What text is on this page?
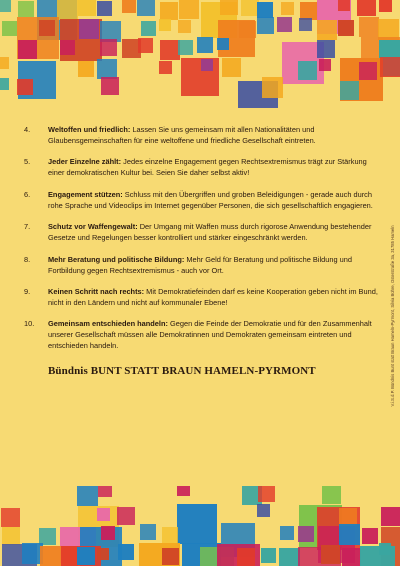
4.	Weltoffen und friedlich: Lassen Sie uns gemeinsam mit allen Nationalitäten und Glaubensgemeinschaften für eine weltoffene und friedliche Gesellschaft eintreten.
5.	Jeder Einzelne zählt: Jedes einzelne Engagement gegen Rechtsextremismus trägt zur Stärkung einer demokratischen Kultur bei. Seien Sie daher selbst aktiv!
6.	Engagement stützen: Schluss mit den Übergriffen und groben Beleidigungen - gerade auch durch rohe Sprache und Videoclips im Internet gegenüber Personen, die sich gesellschaftlich engagieren.
7.	Schutz vor Waffengewalt: Der Umgang mit Waffen muss durch rigorose Anwendung bestehender Gesetze und Regelungen besser kontrolliert und stärker eingeschränkt werden.
8.	Mehr Beratung und politische Bildung: Mehr Geld für Beratung und politische Bildung und Fortbildung gegen Rechtsextremismus - auch vor Ort.
9.	Keinen Schritt nach rechts: Mit Demokratiefeinden darf es keine Kooperation geben nicht im Bund, nicht in den Ländern und nicht auf kommunaler Ebene!
10.	Gemeinsam entschieden handeln: Gegen die Feinde der Demokratie und für den Zusammenhalt unserer Gesellschaft müssen alle Demokratinnen und Demokraten gemeinsam eintreten und entschieden handeln.
Bündnis BUNT STATT BRAUN HAMELN-PYRMONT	V.i.S.d.P. Bündnis Bunt statt Braun Hameln-Pyrmont, Silvia Bühre, Osterstraße 3a, 31785 Hameln
